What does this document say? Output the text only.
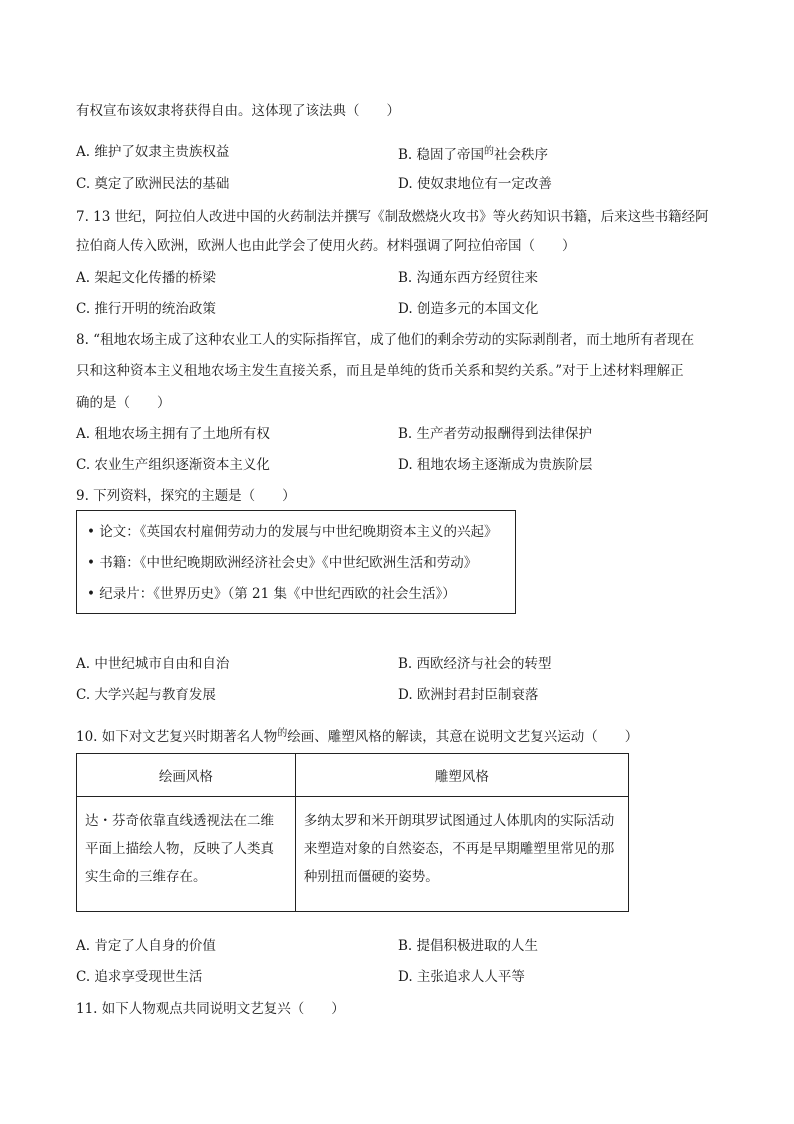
有权宣布该奴隶将获得自由。这体现了该法典（　　）
A. 维护了奴隶主贵族权益	B. 稳固了帝国$^的$社会秩序
C. 奠定了欧洲民法的基础	D. 使奴隶地位有一定改善
7. 13 世纪，阿拉伯人改进中国的火药制法并撰写《制敌燃烧火攻书》等火药知识书籍，后来这些书籍经阿
拉伯商人传入欧洲，欧洲人也由此学会了使用火药。材料强调了阿拉伯帝国（　　）
A. 架起文化传播的桥梁	B. 沟通东西方经贸往来
C. 推行开明的统治政策	D. 创造多元的本国文化
8. “租地农场主成了这种农业工人的实际指挥官，成了他们的剩余劳动的实际剥削者，而土地所有者现在
只和这种资本主义租地农场主发生直接关系，而且是单纯的货币关系和契约关系。”对于上述材料理解正
确的是（　　）
A. 租地农场主拥有了土地所有权	B. 生产者劳动报酬得到法律保护
C. 农业生产组织逐渐资本主义化	D. 租地农场主逐渐成为贵族阶层
9. 下列资料，探究的主题是（　　）
• 论文：《英国农村雇佣劳动力的发展与中世纪晚期资本主义的兴起》
• 书籍：《中世纪晚期欧洲经济社会史》《中世纪欧洲生活和劳动》
• 纪录片：《世界历史》（第 21 集《中世纪西欧的社会生活》）
A. 中世纪城市自由和自治	B. 西欧经济与社会的转型
C. 大学兴起与教育发展	D. 欧洲封君封臣制衰落
10. 如下对文艺复兴时期著名人物$^的$绘画、雕塑风格的解读，其意在说明文艺复兴运动（　　）
绘画风格	雕塑风格
达・芬奇依靠直线透视法在二维平面上描绘人物，反映了人类真实生命的三维存在。	多纳太罗和米开朗琪罗试图通过人体肌肉的实际活动来塑造对象的自然姿态，不再是早期雕塑里常见的那种别扭而僵硬的姿势。
A. 肯定了人自身的价值	B. 提倡积极进取的人生
C. 追求享受现世生活	D. 主张追求人人平等
11. 如下人物观点共同说明文艺复兴（　　）
